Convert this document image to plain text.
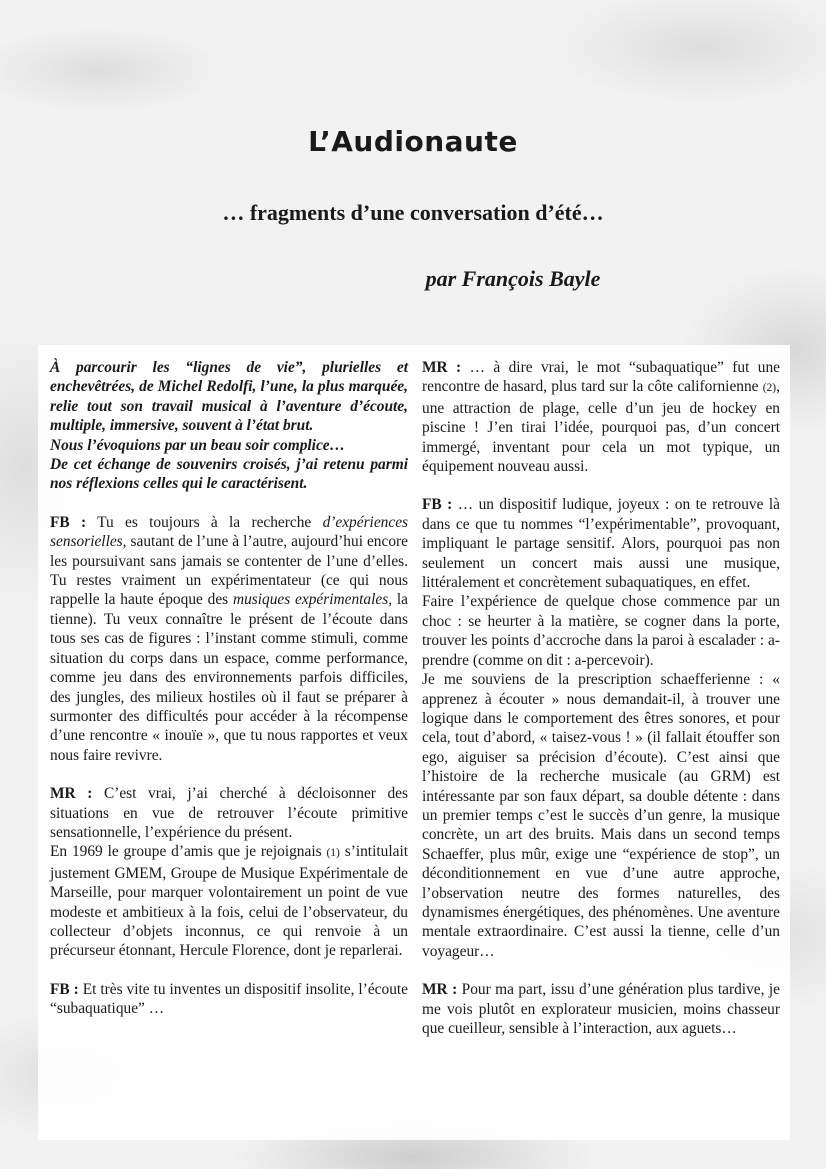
L’Audionaute
… fragments d’une conversation d’été…

par François Bayle

À parcourir les “lignes de vie”, plurielles et enchevêtrées, de Michel Redolfi, l’une, la plus marquée, relie tout son travail musical à l’aventure d’écoute, multiple, immersive, souvent à l’état brut.

Nous l’évoquions par un beau soir complice…

De cet échange de souvenirs croisés, j’ai retenu parmi nos réflexions celles qui le caractérisent.

FB : Tu es toujours à la recherche d’expériences sensorielles, sautant de l’une à l’autre, aujourd’hui encore les poursuivant sans jamais se contenter de l’une d’elles. Tu restes vraiment un expérimentateur (ce qui nous rappelle la haute époque des musiques expérimentales, la tienne). Tu veux connaître le présent de l’écoute dans tous ses cas de figures : l’instant comme stimuli, comme situation du corps dans un espace, comme performance, comme jeu dans des environnements parfois difficiles, des jungles, des milieux hostiles où il faut se préparer à surmonter des difficultés pour accéder à la récompense d’une rencontre « inouïe », que tu nous rapportes et veux nous faire revivre.

MR : C’est vrai, j’ai cherché à décloisonner des situations en vue de retrouver l’écoute primitive sensationnelle, l’expérience du présent.

En 1969 le groupe d’amis que je rejoignais (1) s’intitulait justement GMEM, Groupe de Musique Expérimentale de Marseille, pour marquer volontairement un point de vue modeste et ambitieux à la fois, celui de l’observateur, du collecteur d’objets inconnus, ce qui renvoie à un précurseur étonnant, Hercule Florence, dont je reparlerai.

FB : Et très vite tu inventes un dispositif insolite, l’écoute “subaquatique” …

MR : … à dire vrai, le mot “subaquatique” fut une rencontre de hasard, plus tard sur la côte californienne (2), une attraction de plage, celle d’un jeu de hockey en piscine ! J’en tirai l’idée, pourquoi pas, d’un concert immergé, inventant pour cela un mot typique, un équipement nouveau aussi.

FB : … un dispositif ludique, joyeux : on te retrouve là dans ce que tu nommes “l’expérimentable”, provoquant, impliquant le partage sensitif. Alors, pourquoi pas non seulement un concert mais aussi une musique, littéralement et concrètement subaquatiques, en effet.

Faire l’expérience de quelque chose commence par un choc : se heurter à la matière, se cogner dans la porte, trouver les points d’accroche dans la paroi à escalader : a-prendre (comme on dit : a-percevoir).

Je me souviens de la prescription schaefferienne : « apprenez à écouter » nous demandait-il, à trouver une logique dans le comportement des êtres sonores, et pour cela, tout d’abord, « taisez-vous ! » (il fallait étouffer son ego, aiguiser sa précision d’écoute). C’est ainsi que l’histoire de la recherche musicale (au GRM) est intéressante par son faux départ, sa double détente : dans un premier temps c’est le succès d’un genre, la musique concrète, un art des bruits. Mais dans un second temps Schaeffer, plus mûr, exige une “expérience de stop”, un déconditionnement en vue d’une autre approche, l’observation neutre des formes naturelles, des dynamismes énergétiques, des phénomènes. Une aventure mentale extraordinaire. C’est aussi la tienne, celle d’un voyageur…

MR : Pour ma part, issu d’une génération plus tardive, je me vois plutôt en explorateur musicien, moins chasseur que cueilleur, sensible à l’interaction, aux aguets…
